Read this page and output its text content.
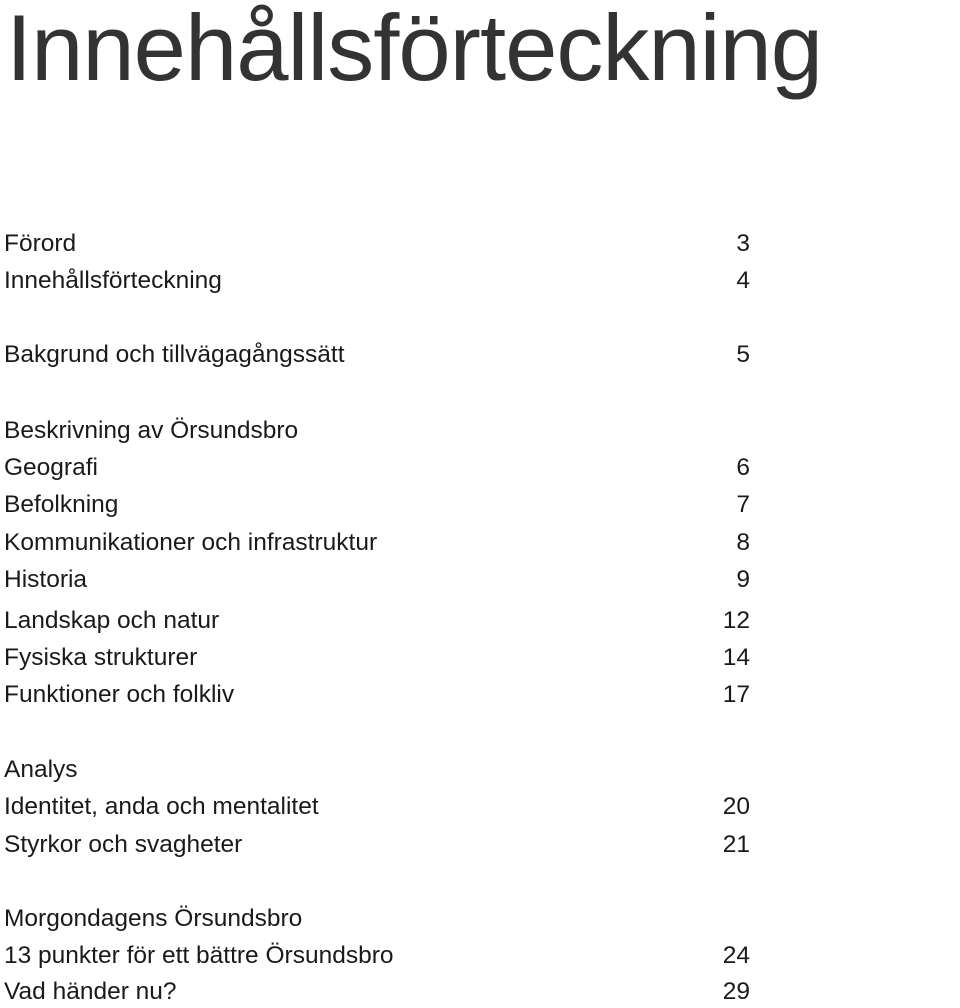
Innehållsförteckning
Förord	3
Innehållsförteckning	4
Bakgrund och tillvägagångssätt	5
Beskrivning av Örsundsbro
Geografi	6
Befolkning	7
Kommunikationer och infrastruktur	8
Historia	9
Landskap och natur	12
Fysiska strukturer	14
Funktioner och folkliv	17
Analys
Identitet, anda och mentalitet	20
Styrkor och svagheter	21
Morgondagens Örsundsbro
13 punkter för ett bättre Örsundsbro	24
Vad händer nu?	29
